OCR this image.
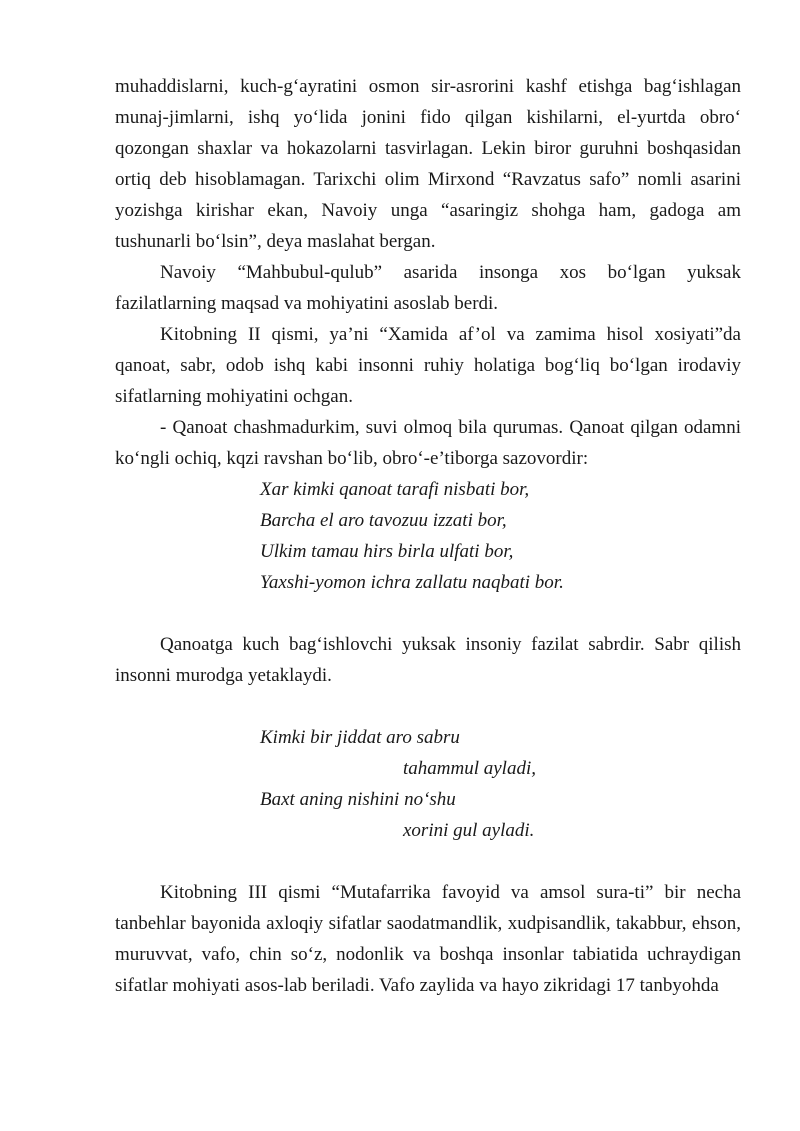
muhaddislarni, kuch-g‘ayratini osmon sir-asrorini kashf etishga bag‘ishlagan munaj-jimlarni, ishq yo‘lida jonini fido qilgan kishilarni, el-yurtda obro‘ qozongan shaxlar va hokazolarni tasvirlagan. Lekin biror guruhni boshqasidan ortiq deb hisoblamagan. Tarixchi olim Mirxond “Ravzatus safo” nomli asarini yozishga kirishar ekan, Navoiy unga “asaringiz shohga ham, gadoga am tushunarli bo‘lsin”, deya maslahat bergan.

Navoiy “Mahbubul-qulub” asarida insonga xos bo‘lgan yuksak fazilatlarning maqsad va mohiyatini asoslab berdi.

Kitobning II qismi, ya’ni “Xamida af’ol va zamima hisol xosiyati”da qanoat, sabr, odob ishq kabi insonni ruhiy holatiga bog‘liq bo‘lgan irodaviy sifatlarning mohiyatini ochgan.

- Qanoat chashmadurkim, suvi olmoq bila qurumas. Qanoat qilgan odamni ko‘ngli ochiq, kqzi ravshan bo‘lib, obro‘-e’tiborga sazovordir:

Xar kimki qanoat tarafi nisbati bor,
Barcha el aro tavozuu izzati bor,
Ulkim tamau hirs birla ulfati bor,
Yaxshi-yomon ichra zallatu naqbati bor.

Qanoatga kuch bag‘ishlovchi yuksak insoniy fazilat sabrdir. Sabr qilish insonni murodga yetaklaydi.

Kimki bir jiddat aro sabru
tahammul ayladi,
Baxt aning nishini no‘shu
xorini gul ayladi.

Kitobning III qismi “Mutafarrika favoyid va amsol sura-ti” bir necha tanbehlar bayonida axloqiy sifatlar saodatmandlik, xudpisandlik, takabbur, ehson, muruvvat, vafo, chin so‘z, nodonlik va boshqa insonlar tabiatida uchraydigan sifatlar mohiyati asos-lab beriladi. Vafo zaylida va hayo zikridagi 17 tanbyohda
